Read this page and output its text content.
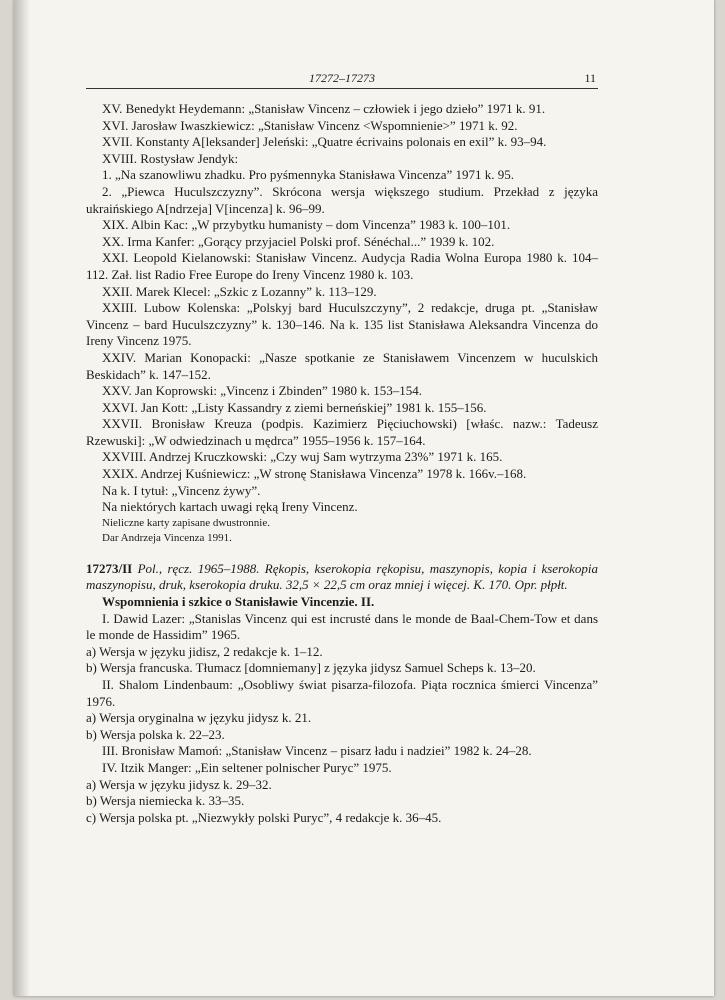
17272–17273	11

XV. Benedykt Heydemann: „Stanisław Vincenz – człowiek i jego dzieło” 1971 k. 91.

XVI. Jarosław Iwaszkiewicz: „Stanisław Vincenz <Wspomnienie>” 1971 k. 92.

XVII. Konstanty A[leksander] Jeleński: „Quatre écrivains polonais en exil” k. 93–94.

XVIII. Rostysław Jendyk:

1. „Na szanowliwu zhadku. Pro pyśmennyka Stanisława Vincenza” 1971 k. 95.

2. „Piewca Huculszczyzny”. Skrócona wersja większego studium. Przekład z języka ukraińskiego A[ndrzeja] V[incenza] k. 96–99.

XIX. Albin Kac: „W przybytku humanisty – dom Vincenza” 1983 k. 100–101.

XX. Irma Kanfer: „Gorący przyjaciel Polski prof. Sénéchal...” 1939 k. 102.

XXI. Leopold Kielanowski: Stanisław Vincenz. Audycja Radia Wolna Europa 1980 k. 104–112. Zał. list Radio Free Europe do Ireny Vincenz 1980 k. 103.

XXII. Marek Klecel: „Szkic z Lozanny” k. 113–129.

XXIII. Lubow Kolenska: „Polskyj bard Huculszczyny”, 2 redakcje, druga pt. „Stanisław Vincenz – bard Huculszczyzny” k. 130–146. Na k. 135 list Stanisława Aleksandra Vincenza do Ireny Vincenz 1975.

XXIV. Marian Konopacki: „Nasze spotkanie ze Stanisławem Vincenzem w huculskich Beskidach” k. 147–152.

XXV. Jan Koprowski: „Vincenz i Zbinden” 1980 k. 153–154.

XXVI. Jan Kott: „Listy Kassandry z ziemi berneńskiej” 1981 k. 155–156.

XXVII. Bronisław Kreuza (podpis. Kazimierz Pięciuchowski) [właśc. nazw.: Tadeusz Rzewuski]: „W odwiedzinach u mędrca” 1955–1956 k. 157–164.

XXVIII. Andrzej Kruczkowski: „Czy wuj Sam wytrzyma 23%” 1971 k. 165.

XXIX. Andrzej Kuśniewicz: „W stronę Stanisława Vincenza” 1978 k. 166v.–168.

Na k. I tytuł: „Vincenz żywy”.

Na niektórych kartach uwagi ręką Ireny Vincenz.

Nieliczne karty zapisane dwustronnie.

Dar Andrzeja Vincenza 1991.

17273/II Pol., ręcz. 1965–1988. Rękopis, kserokopia rękopisu, maszynopis, kopia i kserokopia maszynopisu, druk, kserokopia druku. 32,5 × 22,5 cm oraz mniej i więcej. K. 170. Opr. płpłt.

Wspomnienia i szkice o Stanisławie Vincenzie. II.

I. Dawid Lazer: „Stanislas Vincenz qui est incrusté dans le monde de Baal-Chem-Tow et dans le monde de Hassidim” 1965.

a) Wersja w języku jidisz, 2 redakcje k. 1–12.

b) Wersja francuska. Tłumacz [domniemany] z języka jidysz Samuel Scheps k. 13–20.

II. Shalom Lindenbaum: „Osobliwy świat pisarza-filozofa. Piąta rocznica śmierci Vincenza” 1976.

a) Wersja oryginalna w języku jidysz k. 21.

b) Wersja polska k. 22–23.

III. Bronisław Mamoń: „Stanisław Vincenz – pisarz ładu i nadziei” 1982 k. 24–28.

IV. Itzik Manger: „Ein seltener polnischer Puryc” 1975.

a) Wersja w języku jidysz k. 29–32.

b) Wersja niemiecka k. 33–35.

c) Wersja polska pt. „Niezwykły polski Puryc”, 4 redakcje k. 36–45.
